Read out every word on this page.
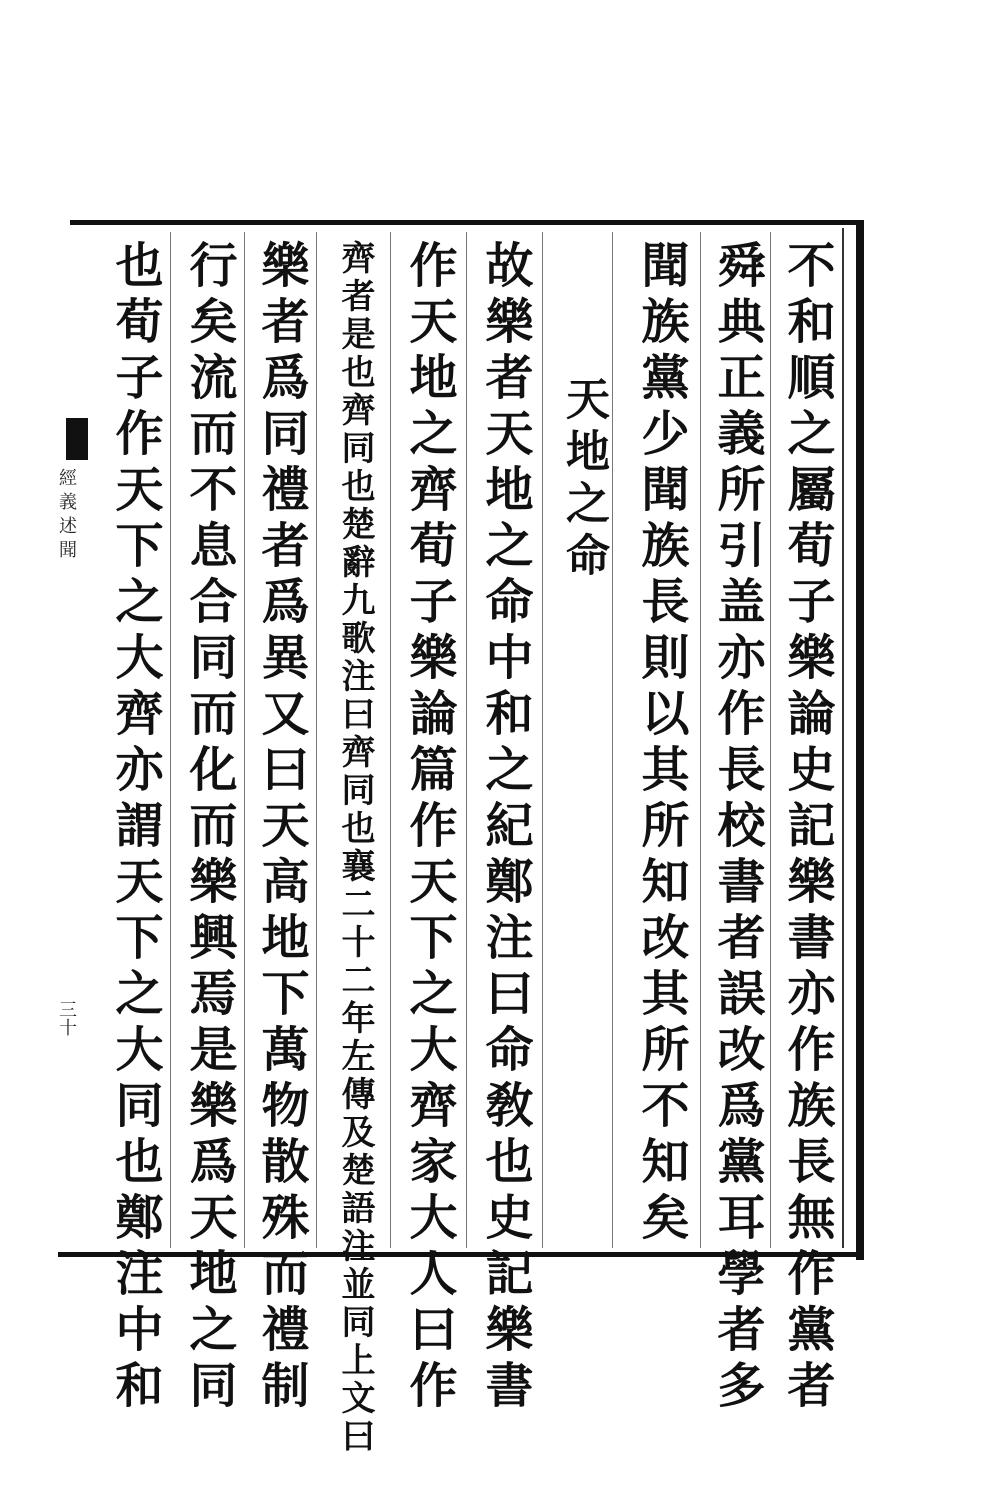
不和順之屬荀子樂論史記樂書亦作族長無作黨者
舜典正義所引盖亦作長校書者誤改爲黨耳學者多
聞族黨少聞族長則以其所知改其所不知矣
天地之命
故樂者天地之命中和之紀鄭注曰命敎也史記樂書
作天地之齊荀子樂論篇作天下之大齊家大人曰作
齊者是也齊同也楚辭九歌注曰齊同也襄二十二年左傳及楚語注並同上文曰
樂者爲同禮者爲異又曰天高地下萬物散殊而禮制
行矣流而不息合同而化而樂興焉是樂爲天地之同
也荀子作天下之大齊亦謂天下之大同也鄭注中和
經義述聞
三十
